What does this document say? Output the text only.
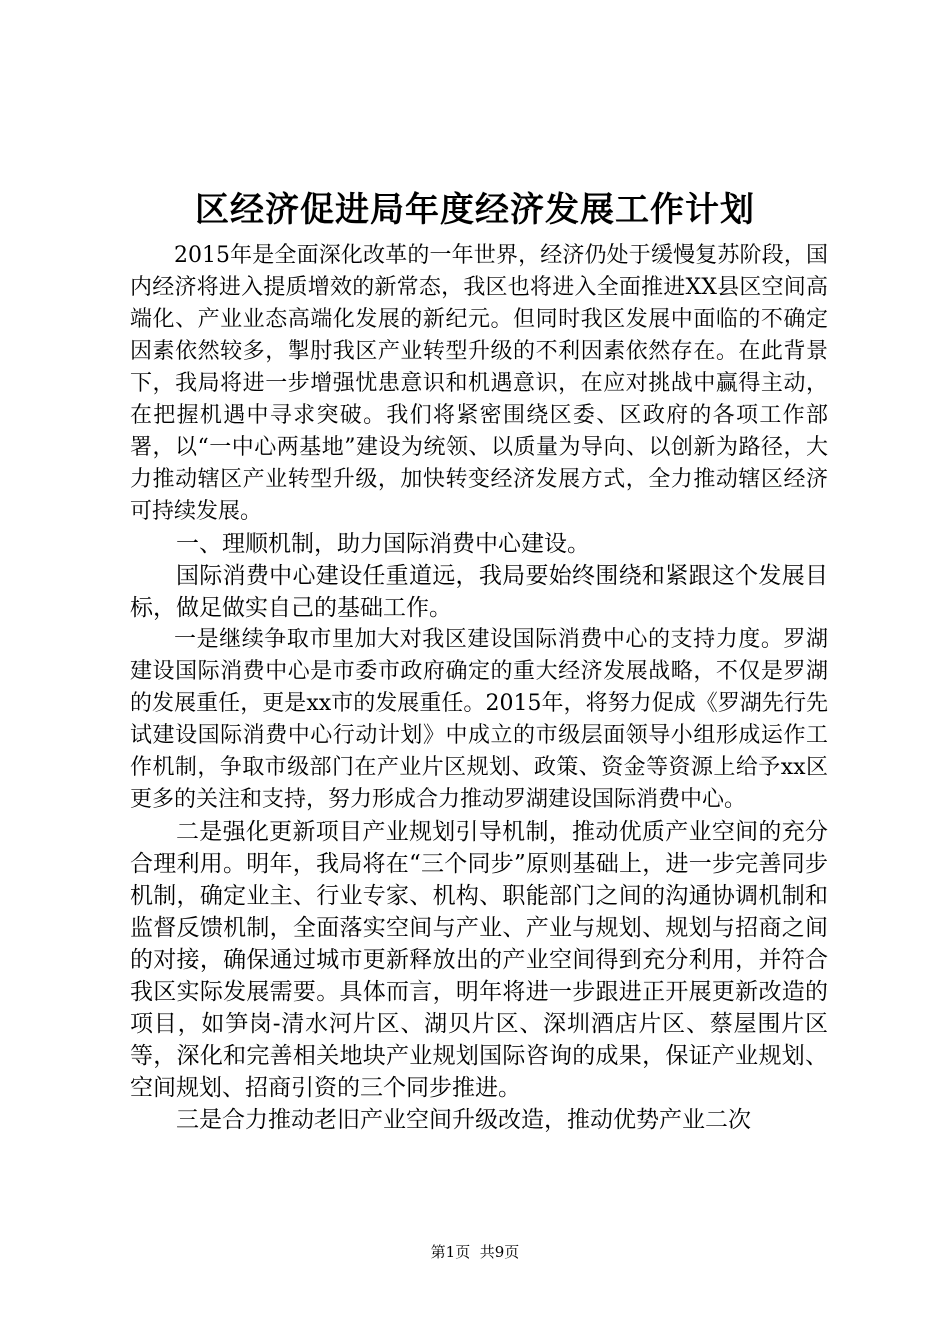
区经济促进局年度经济发展工作计划

2015年是全面深化改革的一年世界，经济仍处于缓慢复苏阶段，国内经济将进入提质增效的新常态，我区也将进入全面推进XX县区空间高端化、产业业态高端化发展的新纪元。但同时我区发展中面临的不确定因素依然较多，掣肘我区产业转型升级的不利因素依然存在。在此背景下，我局将进一步增强忧患意识和机遇意识，在应对挑战中赢得主动，在把握机遇中寻求突破。我们将紧密围绕区委、区政府的各项工作部署，以“一中心两基地”建设为统领、以质量为导向、以创新为路径，大力推动辖区产业转型升级，加快转变经济发展方式，全力推动辖区经济可持续发展。

一、理顺机制，助力国际消费中心建设。

国际消费中心建设任重道远，我局要始终围绕和紧跟这个发展目标，做足做实自己的基础工作。

一是继续争取市里加大对我区建设国际消费中心的支持力度。罗湖建设国际消费中心是市委市政府确定的重大经济发展战略，不仅是罗湖的发展重任，更是xx市的发展重任。2015年，将努力促成《罗湖先行先试建设国际消费中心行动计划》中成立的市级层面领导小组形成运作工作机制，争取市级部门在产业片区规划、政策、资金等资源上给予xx区更多的关注和支持，努力形成合力推动罗湖建设国际消费中心。

二是强化更新项目产业规划引导机制，推动优质产业空间的充分合理利用。明年，我局将在“三个同步”原则基础上，进一步完善同步机制，确定业主、行业专家、机构、职能部门之间的沟通协调机制和监督反馈机制，全面落实空间与产业、产业与规划、规划与招商之间的对接，确保通过城市更新释放出的产业空间得到充分利用，并符合我区实际发展需要。具体而言，明年将进一步跟进正开展更新改造的项目，如笋岗-清水河片区、湖贝片区、深圳酒店片区、蔡屋围片区等，深化和完善相关地块产业规划国际咨询的成果，保证产业规划、空间规划、招商引资的三个同步推进。

三是合力推动老旧产业空间升级改造，推动优势产业二次

第1页 共9页
